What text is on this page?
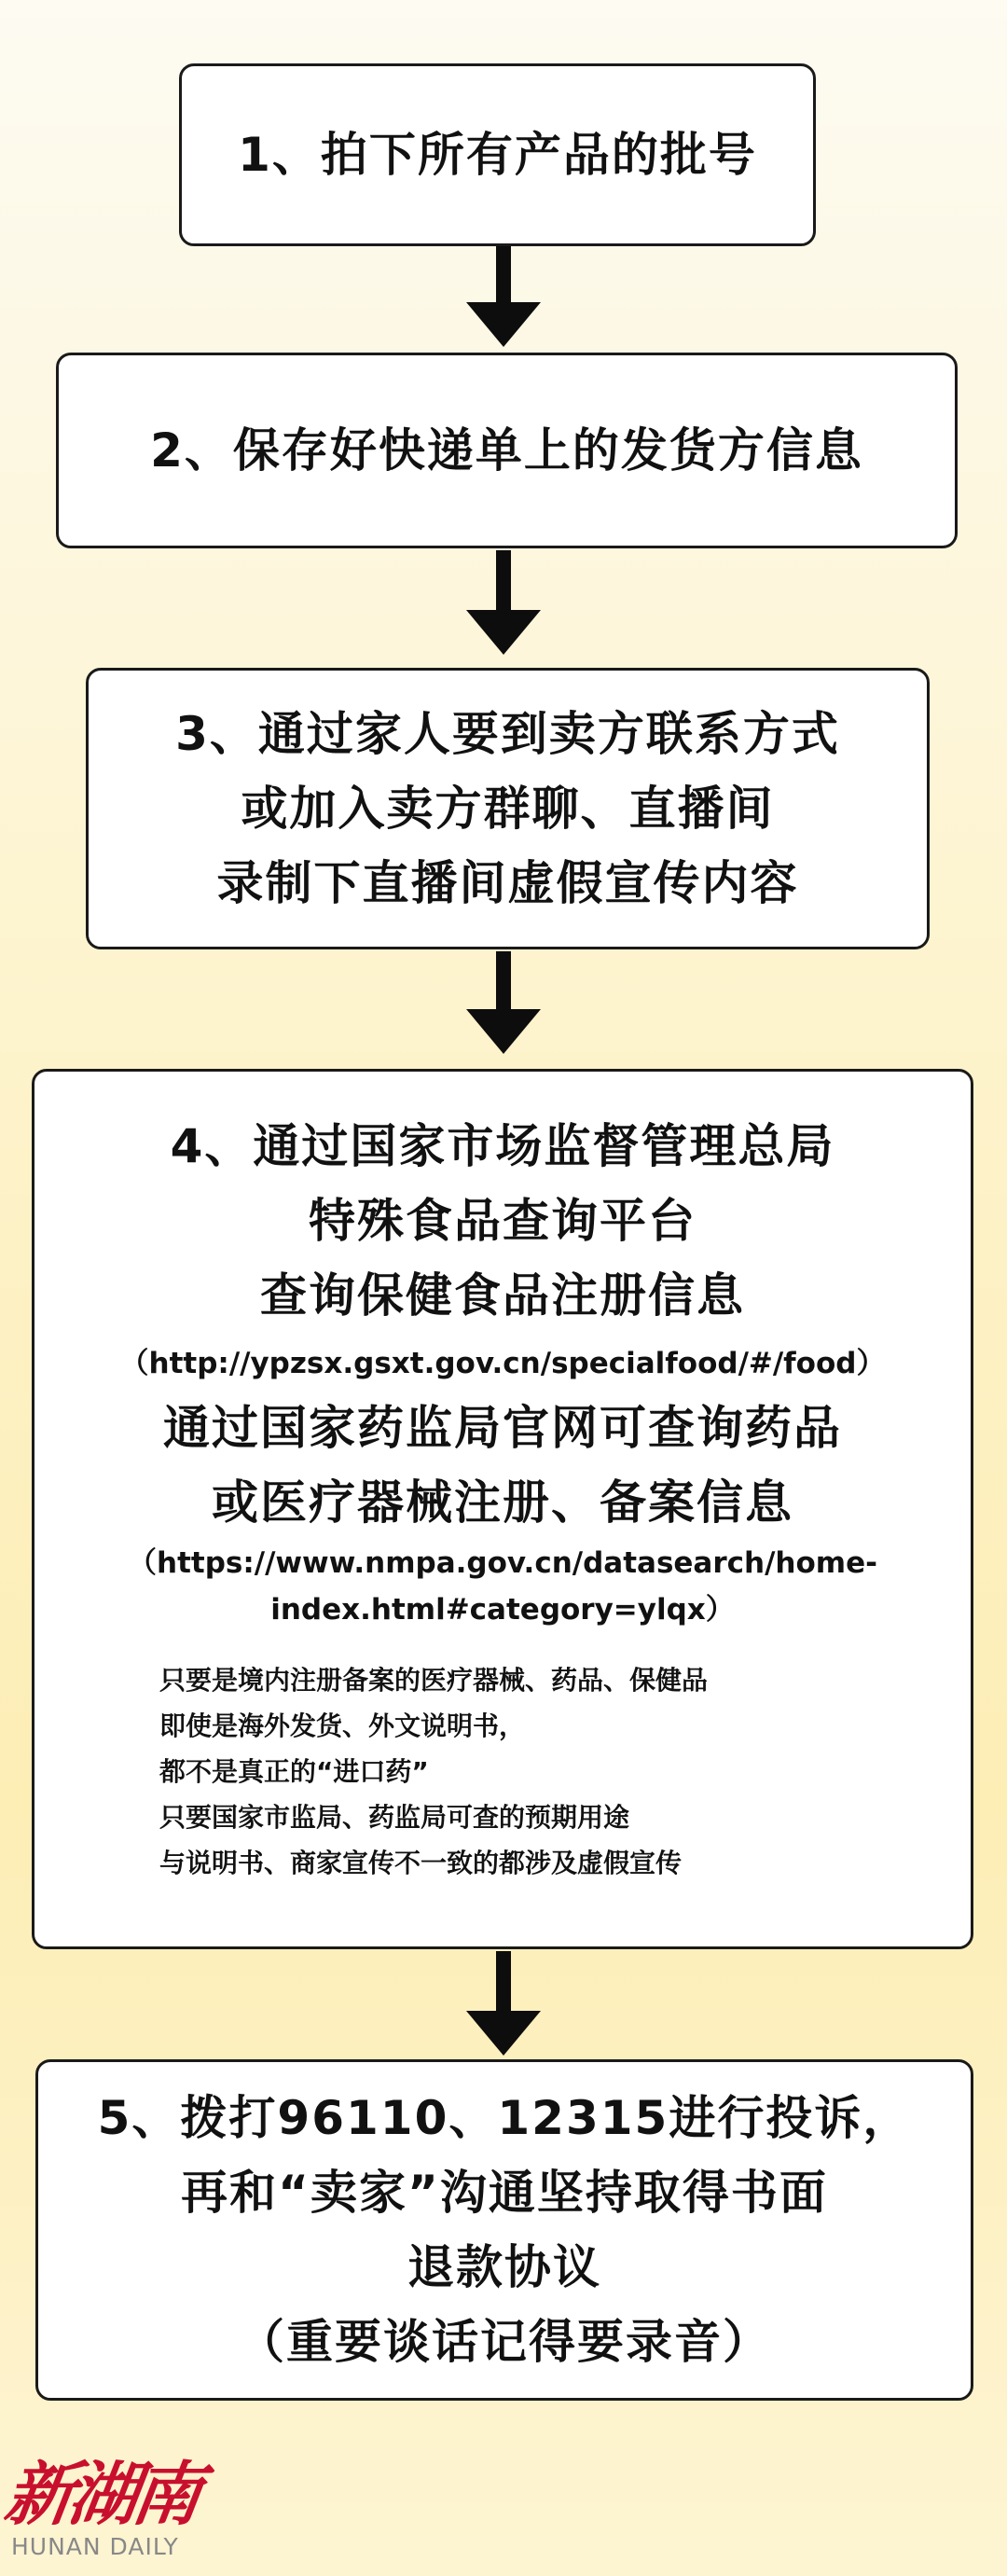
1、拍下所有产品的批号
2、保存好快递单上的发货方信息
3、通过家人要到卖方联系方式
或加入卖方群聊、直播间
录制下直播间虚假宣传内容
4、通过国家市场监督管理总局
特殊食品查询平台
查询保健食品注册信息
（http://ypzsx.gsxt.gov.cn/specialfood/#/food）
通过国家药监局官网可查询药品
或医疗器械注册、备案信息
（https://www.nmpa.gov.cn/datasearch/home-
index.html#category=ylqx）
只要是境内注册备案的医疗器械、药品、保健品
即使是海外发货、外文说明书，
都不是真正的“进口药”
只要国家市监局、药监局可查的预期用途
与说明书、商家宣传不一致的都涉及虚假宣传
5、拨打96110、12315进行投诉，
再和“卖家”沟通坚持取得书面
退款协议
（重要谈话记得要录音）
新湖南
HUNAN DAILY
